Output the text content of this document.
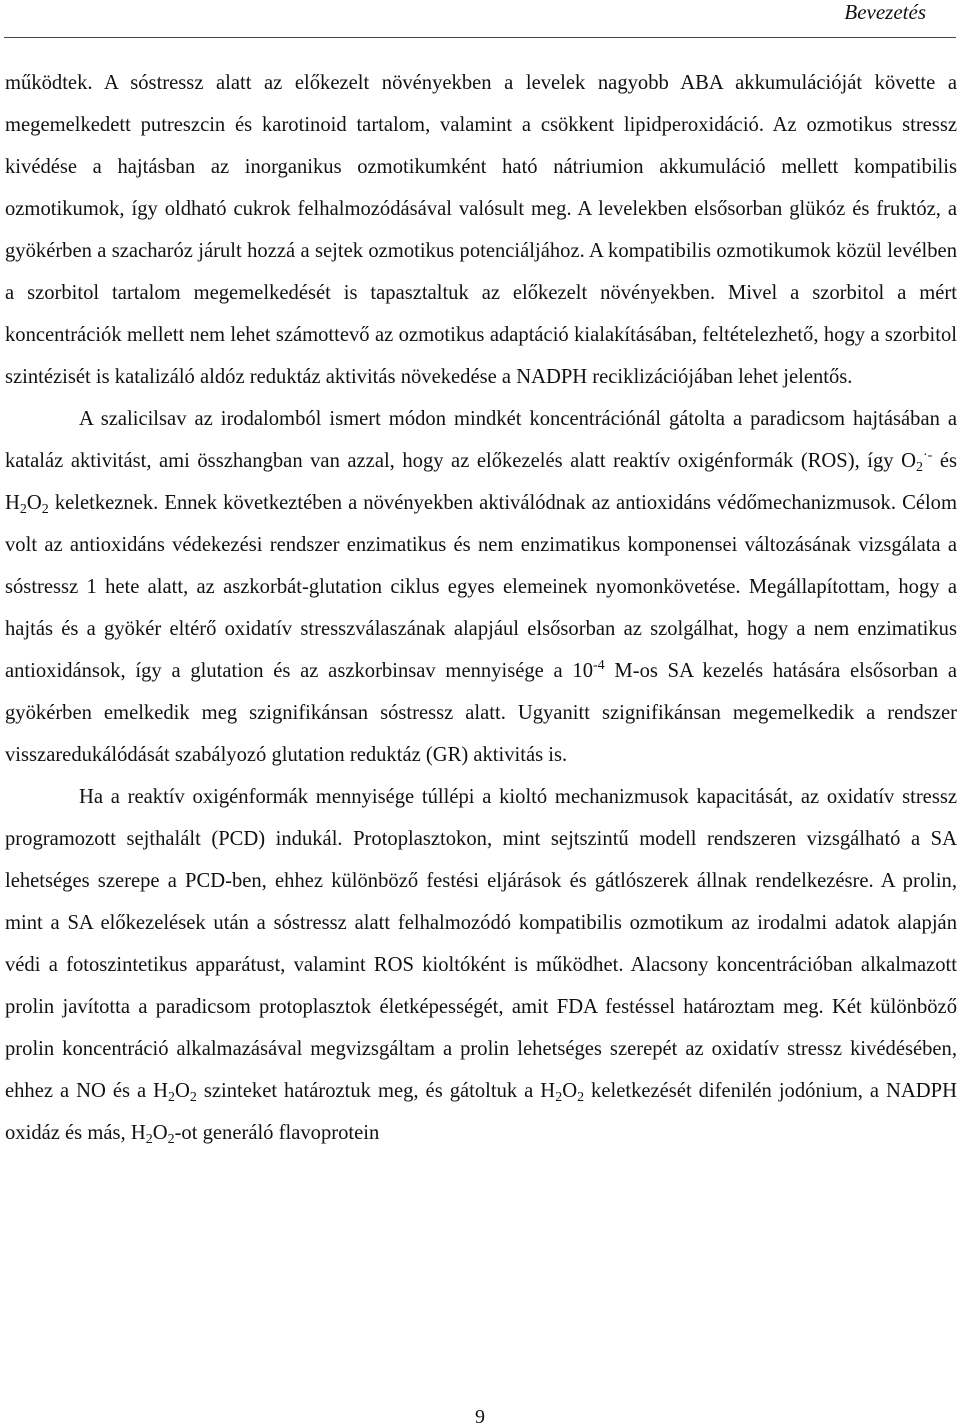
Bevezetés

működtek. A sóstressz alatt az előkezelt növényekben a levelek nagyobb ABA akkumulációját követte a megemelkedett putreszcin és karotinoid tartalom, valamint a csökkent lipidperoxidáció. Az ozmotikus stressz kivédése a hajtásban az inorganikus ozmotikumként ható nátriumion akkumuláció mellett kompatibilis ozmotikumok, így oldható cukrok felhalmozódásával valósult meg. A levelekben elsősorban glükóz és fruktóz, a gyökérben a szacharóz járult hozzá a sejtek ozmotikus potenciáljához. A kompatibilis ozmotikumok közül levélben a szorbitol tartalom megemelkedését is tapasztaltuk az előkezelt növényekben. Mivel a szorbitol a mért koncentrációk mellett nem lehet számottevő az ozmotikus adaptáció kialakításában, feltételezhető, hogy a szorbitol szintézisét is katalizáló aldóz reduktáz aktivitás növekedése a NADPH reciklizációjában lehet jelentős.

A szalicilsav az irodalomból ismert módon mindkét koncentrációnál gátolta a paradicsom hajtásában a kataláz aktivitást, ami összhangban van azzal, hogy az előkezelés alatt reaktív oxigénformák (ROS), így $O_2^{\cdot-}$ és $H_2O_2$ keletkeznek. Ennek következtében a növényekben aktiválódnak az antioxidáns védőmechanizmusok. Célom volt az antioxidáns védekezési rendszer enzimatikus és nem enzimatikus komponensei változásának vizsgálata a sóstressz 1 hete alatt, az aszkorbát-glutation ciklus egyes elemeinek nyomonkövetése. Megállapítottam, hogy a hajtás és a gyökér eltérő oxidatív stresszválaszának alapjául elsősorban az szolgálhat, hogy a nem enzimatikus antioxidánsok, így a glutation és az aszkorbinsav mennyisége a $10^{-4}$ M-os SA kezelés hatására elsősorban a gyökérben emelkedik meg szignifikánsan sóstressz alatt. Ugyanitt szignifikánsan megemelkedik a rendszer visszaredukálódását szabályozó glutation reduktáz (GR) aktivitás is.

Ha a reaktív oxigénformák mennyisége túllépi a kioltó mechanizmusok kapacitását, az oxidatív stressz programozott sejthalált (PCD) indukál. Protoplasztokon, mint sejtszintű modell rendszeren vizsgálható a SA lehetséges szerepe a PCD-ben, ehhez különböző festési eljárások és gátlószerek állnak rendelkezésre. A prolin, mint a SA előkezelések után a sóstressz alatt felhalmozódó kompatibilis ozmotikum az irodalmi adatok alapján védi a fotoszintetikus apparátust, valamint ROS kioltóként is működhet. Alacsony koncentrációban alkalmazott prolin javította a paradicsom protoplasztok életképességét, amit FDA festéssel határoztam meg. Két különböző prolin koncentráció alkalmazásával megvizsgáltam a prolin lehetséges szerepét az oxidatív stressz kivédésében, ehhez a NO és a $H_2O_2$ szinteket határoztuk meg, és gátoltuk a $H_2O_2$ keletkezését difenilén jodónium, a NADPH oxidáz és más, $H_2O_2-ot$ generáló flavoprotein

9
